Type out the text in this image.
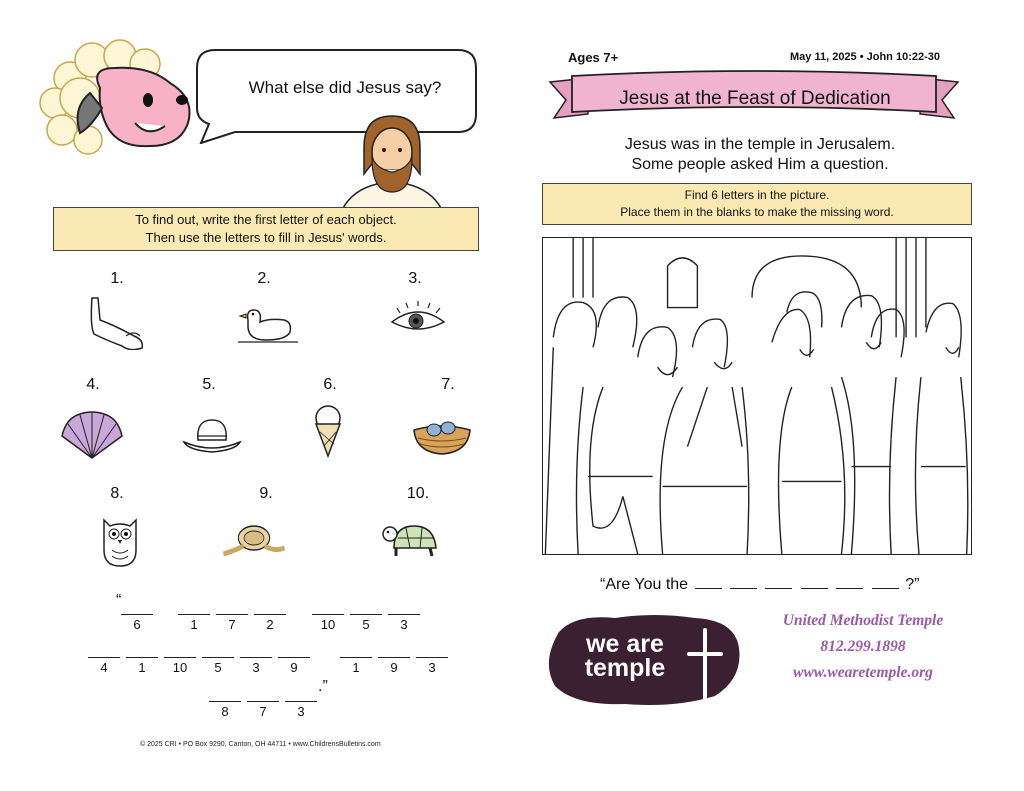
What else did Jesus say?
To find out, write the first letter of each object.
Then use the letters to fill in Jesus' words.
1.	2.	3.
4.	5.	6.	7.
8.	9.	10.
“
6	1	7	2	10	5	3
4	1	10	5	3	9	1	9	3
8	7	3
.”
© 2025 CRI • PO Box 9290, Canton, OH 44711 • www.ChildrensBulletins.com
Ages 7+	May 11, 2025 • John 10:22-30
Jesus at the Feast of Dedication
Jesus was in the temple in Jerusalem.
Some people asked Him a question.
Find 6 letters in the picture.
Place them in the blanks to make the missing word.
“Are You the	?”
we are
temple
United Methodist Temple
812.299.1898
www.wearetemple.org
